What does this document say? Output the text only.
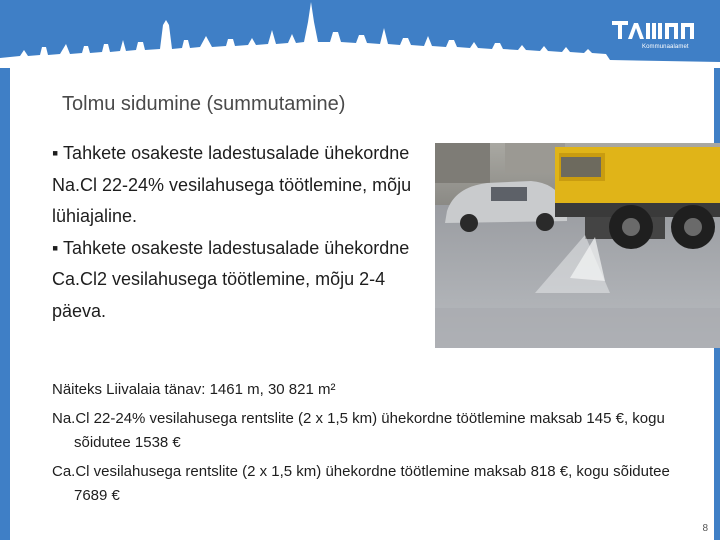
Kommunaalamet
Tolmu sidumine (summutamine)

▪ Tahkete osakeste ladestusalade ühekordne Na.Cl 22-24% vesilahusega töötlemine, mõju lühiajaline.

▪ Tahkete osakeste ladestusalade ühekordne Ca.Cl2 vesilahusega töötlemine, mõju 2-4 päeva.

Näiteks Liivalaia tänav: 1461 m, 30 821 m²

Na.Cl 22-24% vesilahusega rentslite (2 x 1,5 km) ühekordne töötlemine maksab 145 €, kogu sõidutee 1538 €

Ca.Cl vesilahusega rentslite (2 x 1,5 km) ühekordne töötlemine maksab 818 €, kogu sõidutee 7689 €

8
